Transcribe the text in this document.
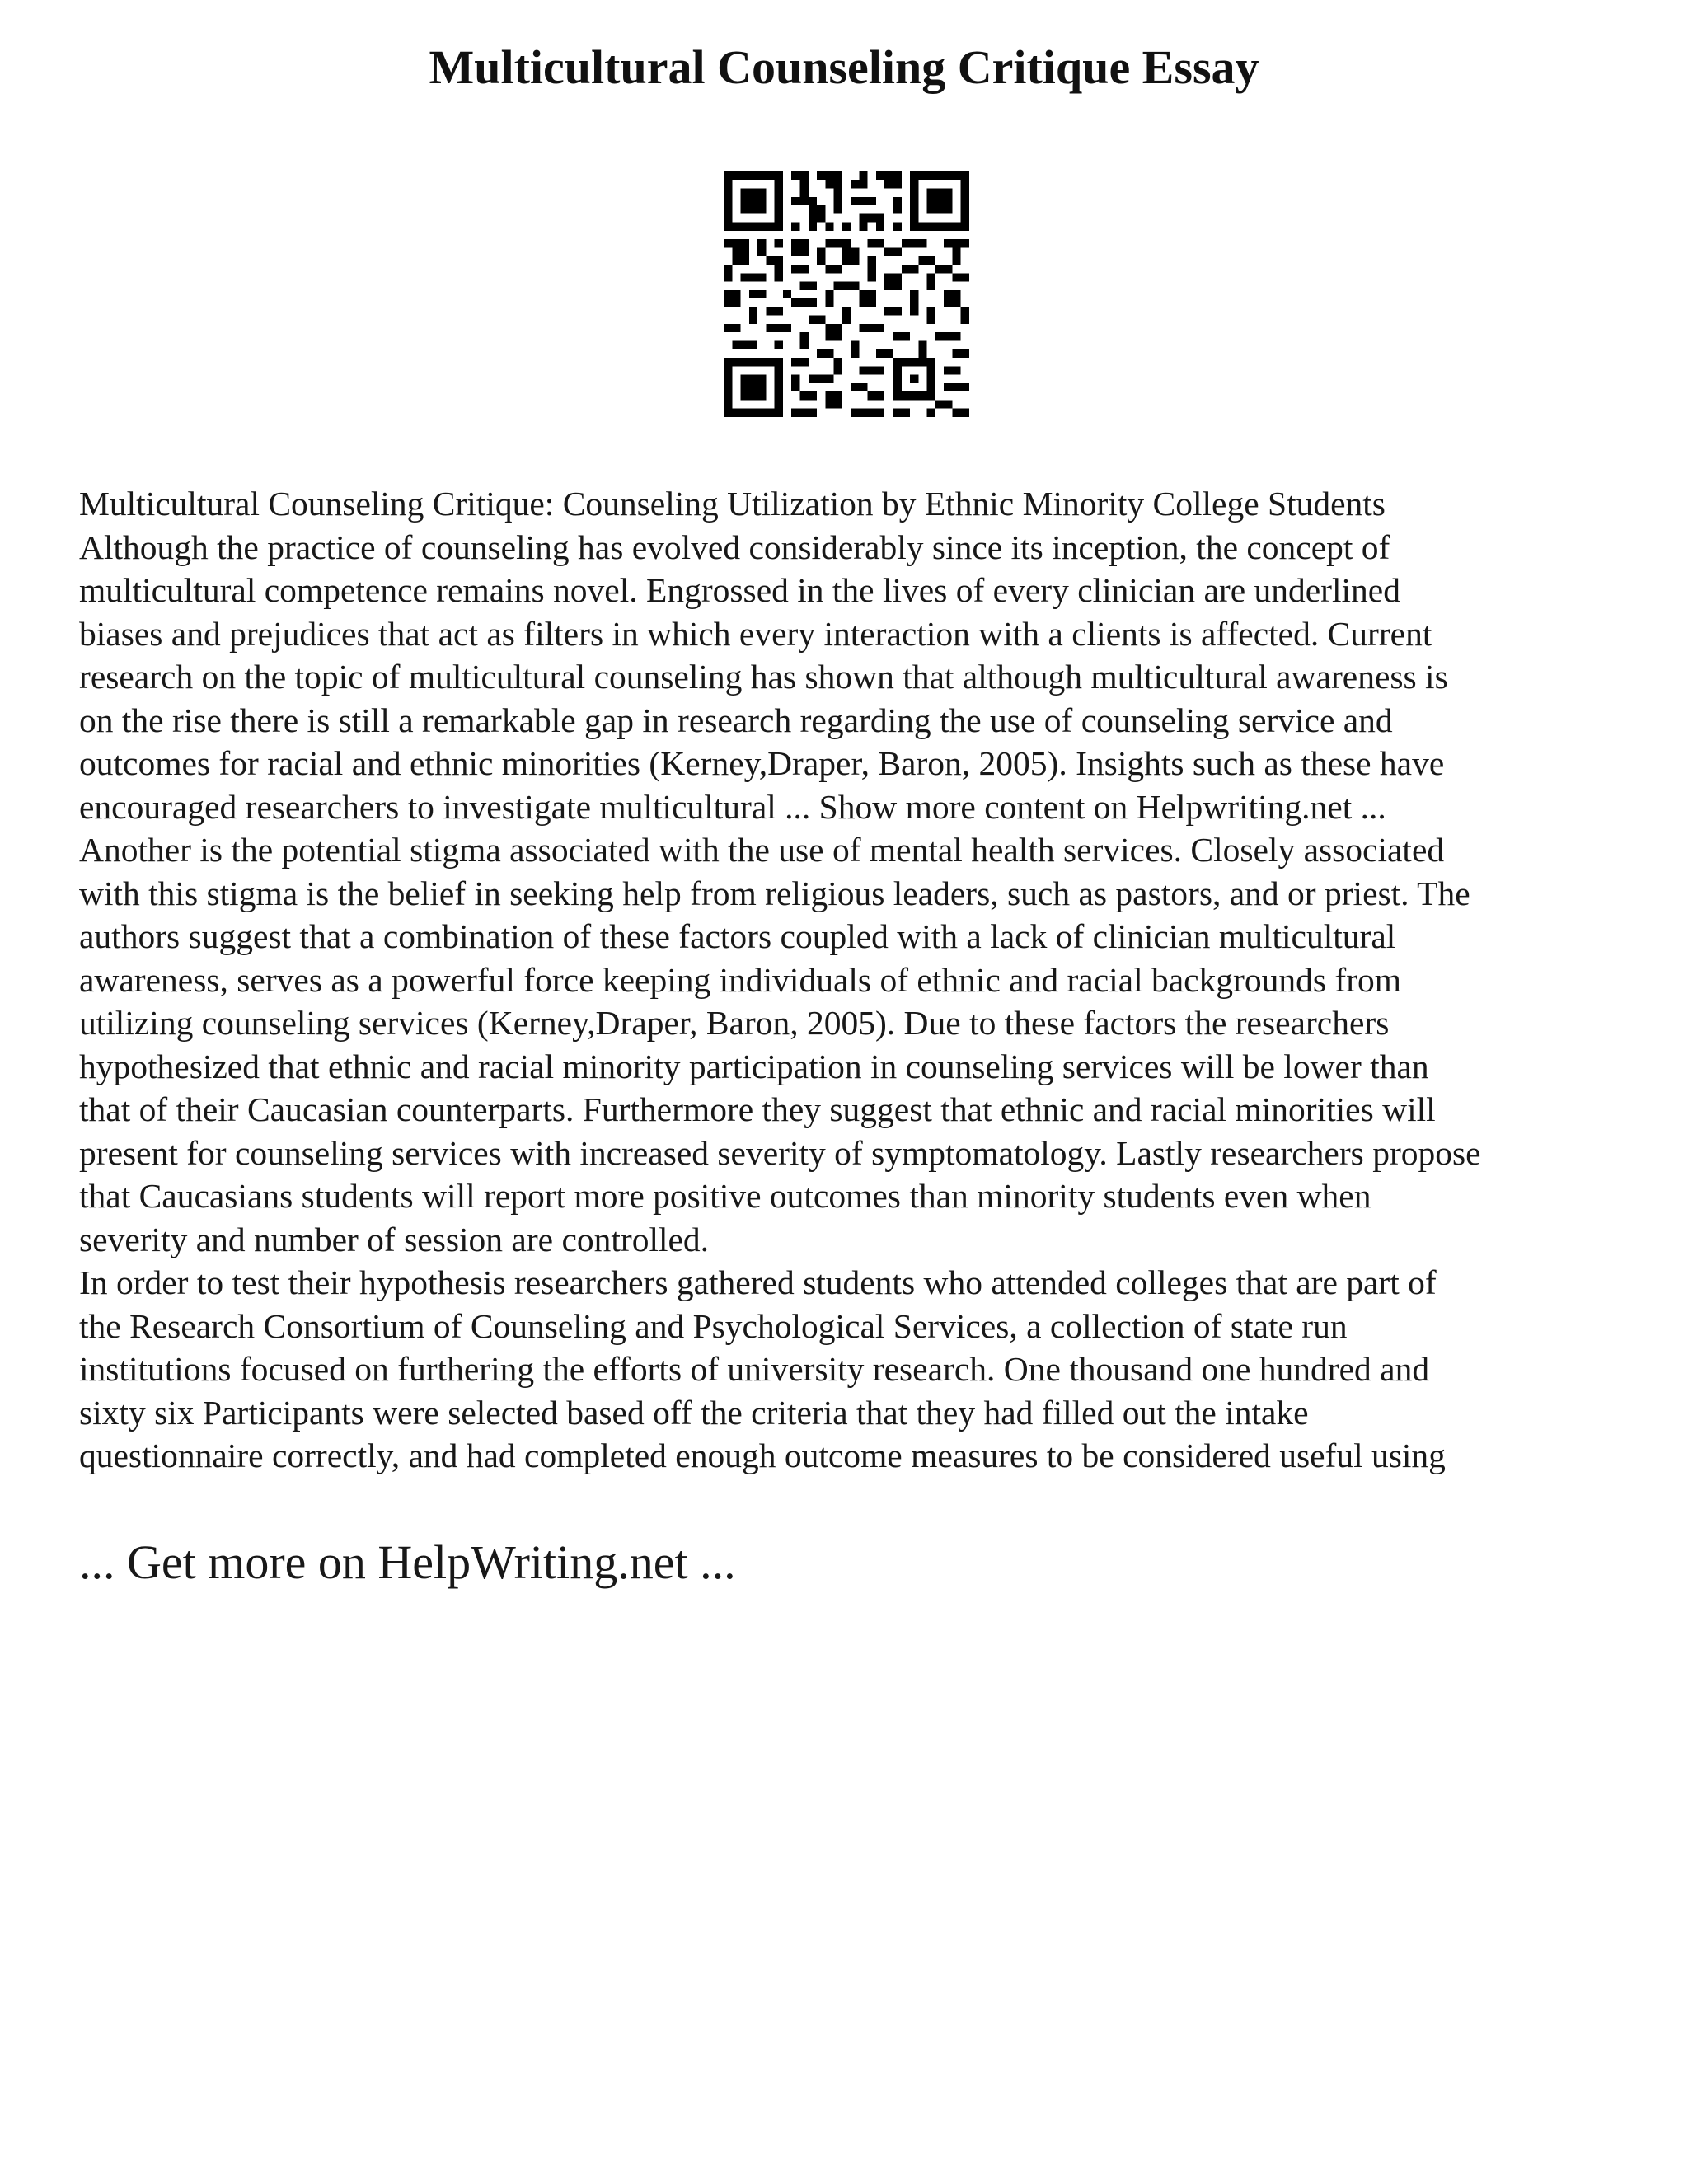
Multicultural Counseling Critique Essay

Multicultural Counseling Critique: Counseling Utilization by Ethnic Minority College Students
Although the practice of counseling has evolved considerably since its inception, the concept of
multicultural competence remains novel. Engrossed in the lives of every clinician are underlined
biases and prejudices that act as filters in which every interaction with a clients is affected. Current
research on the topic of multicultural counseling has shown that although multicultural awareness is
on the rise there is still a remarkable gap in research regarding the use of counseling service and
outcomes for racial and ethnic minorities (Kerney,Draper, Baron, 2005). Insights such as these have
encouraged researchers to investigate multicultural ... Show more content on Helpwriting.net ...
Another is the potential stigma associated with the use of mental health services. Closely associated
with this stigma is the belief in seeking help from religious leaders, such as pastors, and or priest. The
authors suggest that a combination of these factors coupled with a lack of clinician multicultural
awareness, serves as a powerful force keeping individuals of ethnic and racial backgrounds from
utilizing counseling services (Kerney,Draper, Baron, 2005). Due to these factors the researchers
hypothesized that ethnic and racial minority participation in counseling services will be lower than
that of their Caucasian counterparts. Furthermore they suggest that ethnic and racial minorities will
present for counseling services with increased severity of symptomatology. Lastly researchers propose
that Caucasians students will report more positive outcomes than minority students even when
severity and number of session are controlled.

In order to test their hypothesis researchers gathered students who attended colleges that are part of
the Research Consortium of Counseling and Psychological Services, a collection of state run
institutions focused on furthering the efforts of university research. One thousand one hundred and
sixty six Participants were selected based off the criteria that they had filled out the intake
questionnaire correctly, and had completed enough outcome measures to be considered useful using

... Get more on HelpWriting.net ...
